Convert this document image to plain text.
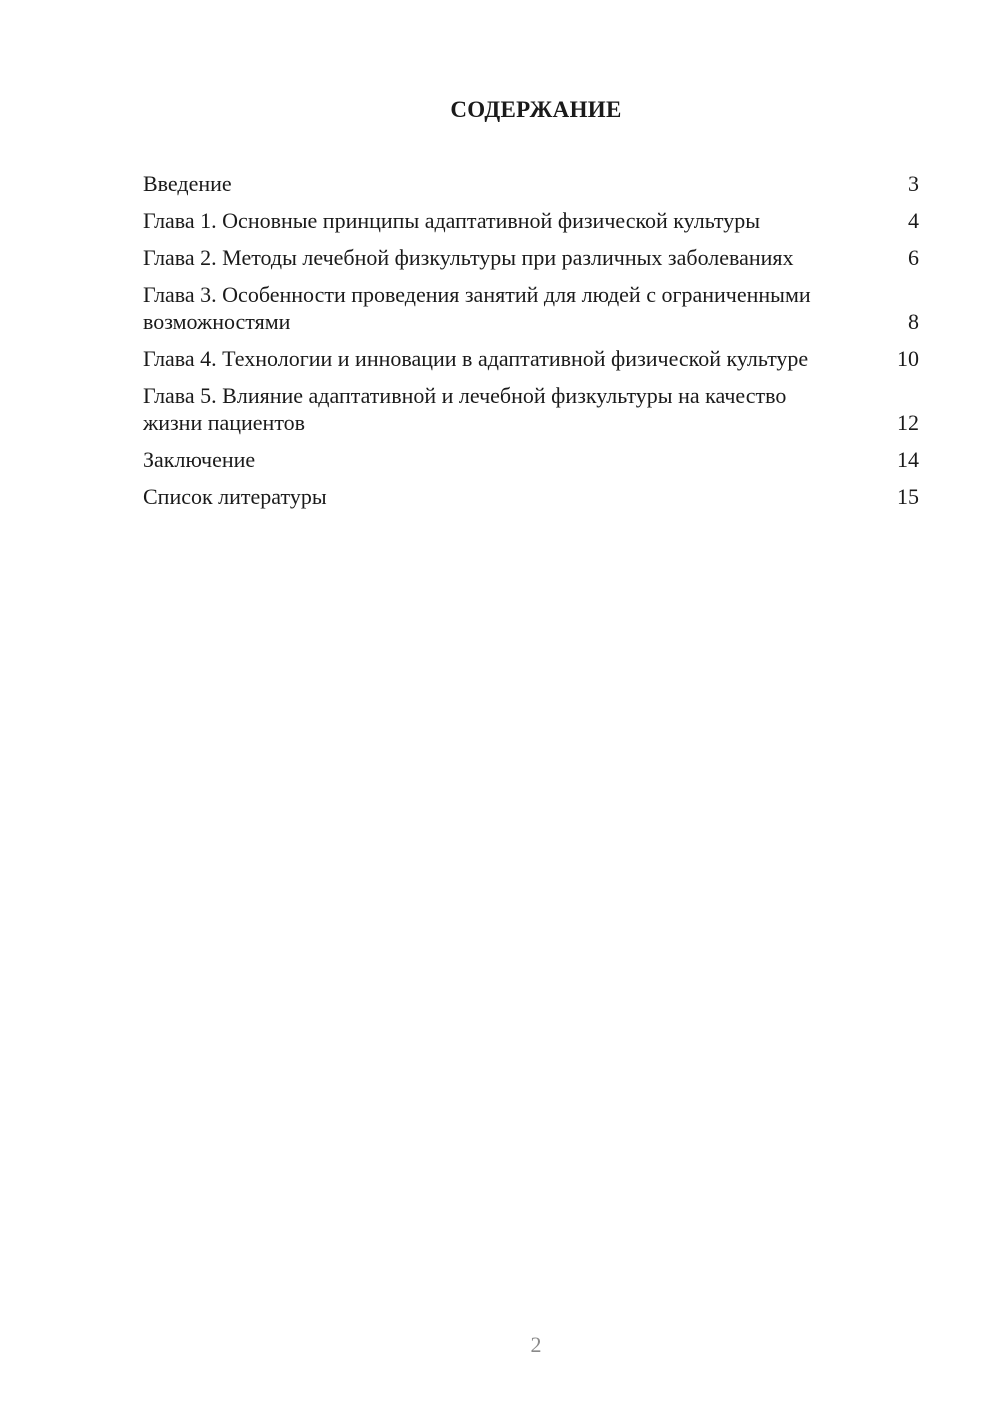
СОДЕРЖАНИЕ
Введение	3
Глава 1. Основные принципы адаптативной физической культуры	4
Глава 2. Методы лечебной физкультуры при различных заболеваниях	6
Глава 3. Особенности проведения занятий для людей с ограниченными возможностями	8
Глава 4. Технологии и инновации в адаптативной физической культуре	10
Глава 5. Влияние адаптативной и лечебной физкультуры на качество жизни пациентов	12
Заключение	14
Список литературы	15
2
